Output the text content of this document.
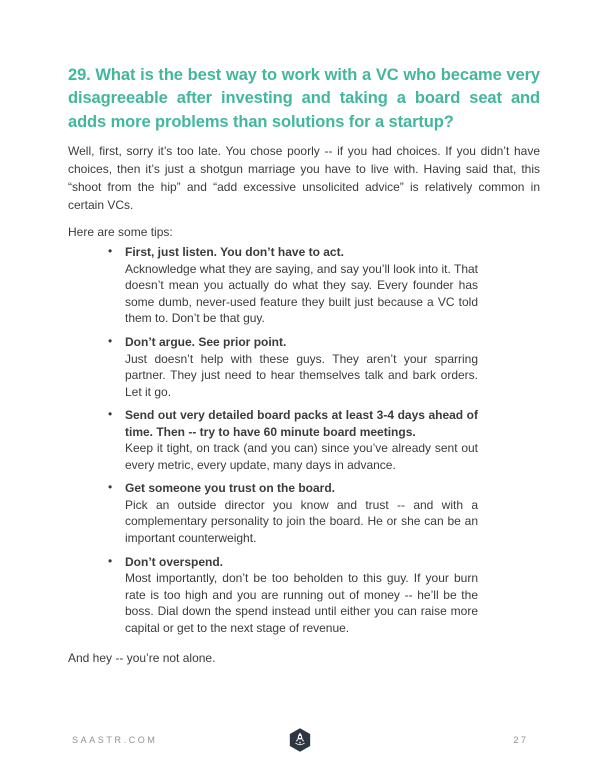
29. What is the best way to work with a VC who became very disagreeable after investing and taking a board seat and adds more problems than solutions for a startup?

Well, first, sorry it’s too late. You chose poorly -- if you had choices. If you didn’t have choices, then it’s just a shotgun marriage you have to live with. Having said that, this “shoot from the hip” and “add excessive unsolicited advice” is relatively common in certain VCs.

Here are some tips:

• First, just listen. You don’t have to act.
Acknowledge what they are saying, and say you’ll look into it. That doesn’t mean you actually do what they say. Every founder has some dumb, never-used feature they built just because a VC told them to. Don’t be that guy.
• Don’t argue. See prior point.
Just doesn’t help with these guys. They aren’t your sparring partner. They just need to hear themselves talk and bark orders. Let it go.
• Send out very detailed board packs at least 3-4 days ahead of time. Then -- try to have 60 minute board meetings.
Keep it tight, on track (and you can) since you’ve already sent out every metric, every update, many days in advance.
• Get someone you trust on the board.
Pick an outside director you know and trust -- and with a complementary personality to join the board. He or she can be an important counterweight.
• Don’t overspend.
Most importantly, don’t be too beholden to this guy. If your burn rate is too high and you are running out of money -- he’ll be the boss. Dial down the spend instead until either you can raise more capital or get to the next stage of revenue.

And hey -- you’re not alone.

SAASTR.COM	27
